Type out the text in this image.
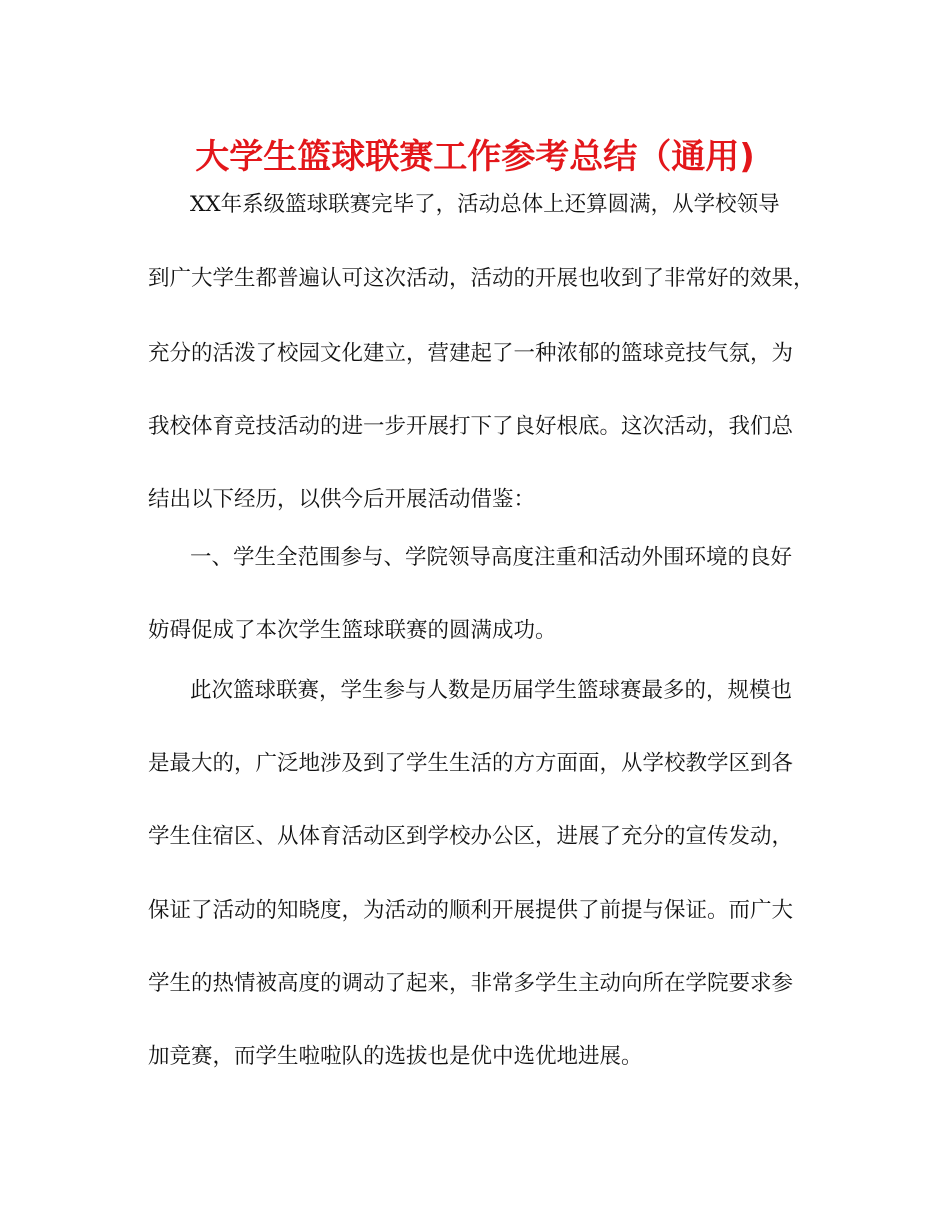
大学生篮球联赛工作参考总结（通用)
XX年系级篮球联赛完毕了，活动总体上还算圆满，从学校领导
到广大学生都普遍认可这次活动，活动的开展也收到了非常好的效果，
充分的活泼了校园文化建立，营建起了一种浓郁的篮球竞技气氛，为
我校体育竞技活动的进一步开展打下了良好根底。这次活动，我们总
结出以下经历，以供今后开展活动借鉴：
一、学生全范围参与、学院领导高度注重和活动外围环境的良好
妨碍促成了本次学生篮球联赛的圆满成功。
此次篮球联赛，学生参与人数是历届学生篮球赛最多的，规模也
是最大的，广泛地涉及到了学生生活的方方面面，从学校教学区到各
学生住宿区、从体育活动区到学校办公区，进展了充分的宣传发动，
保证了活动的知晓度，为活动的顺利开展提供了前提与保证。而广大
学生的热情被高度的调动了起来，非常多学生主动向所在学院要求参
加竞赛，而学生啦啦队的选拔也是优中选优地进展。
